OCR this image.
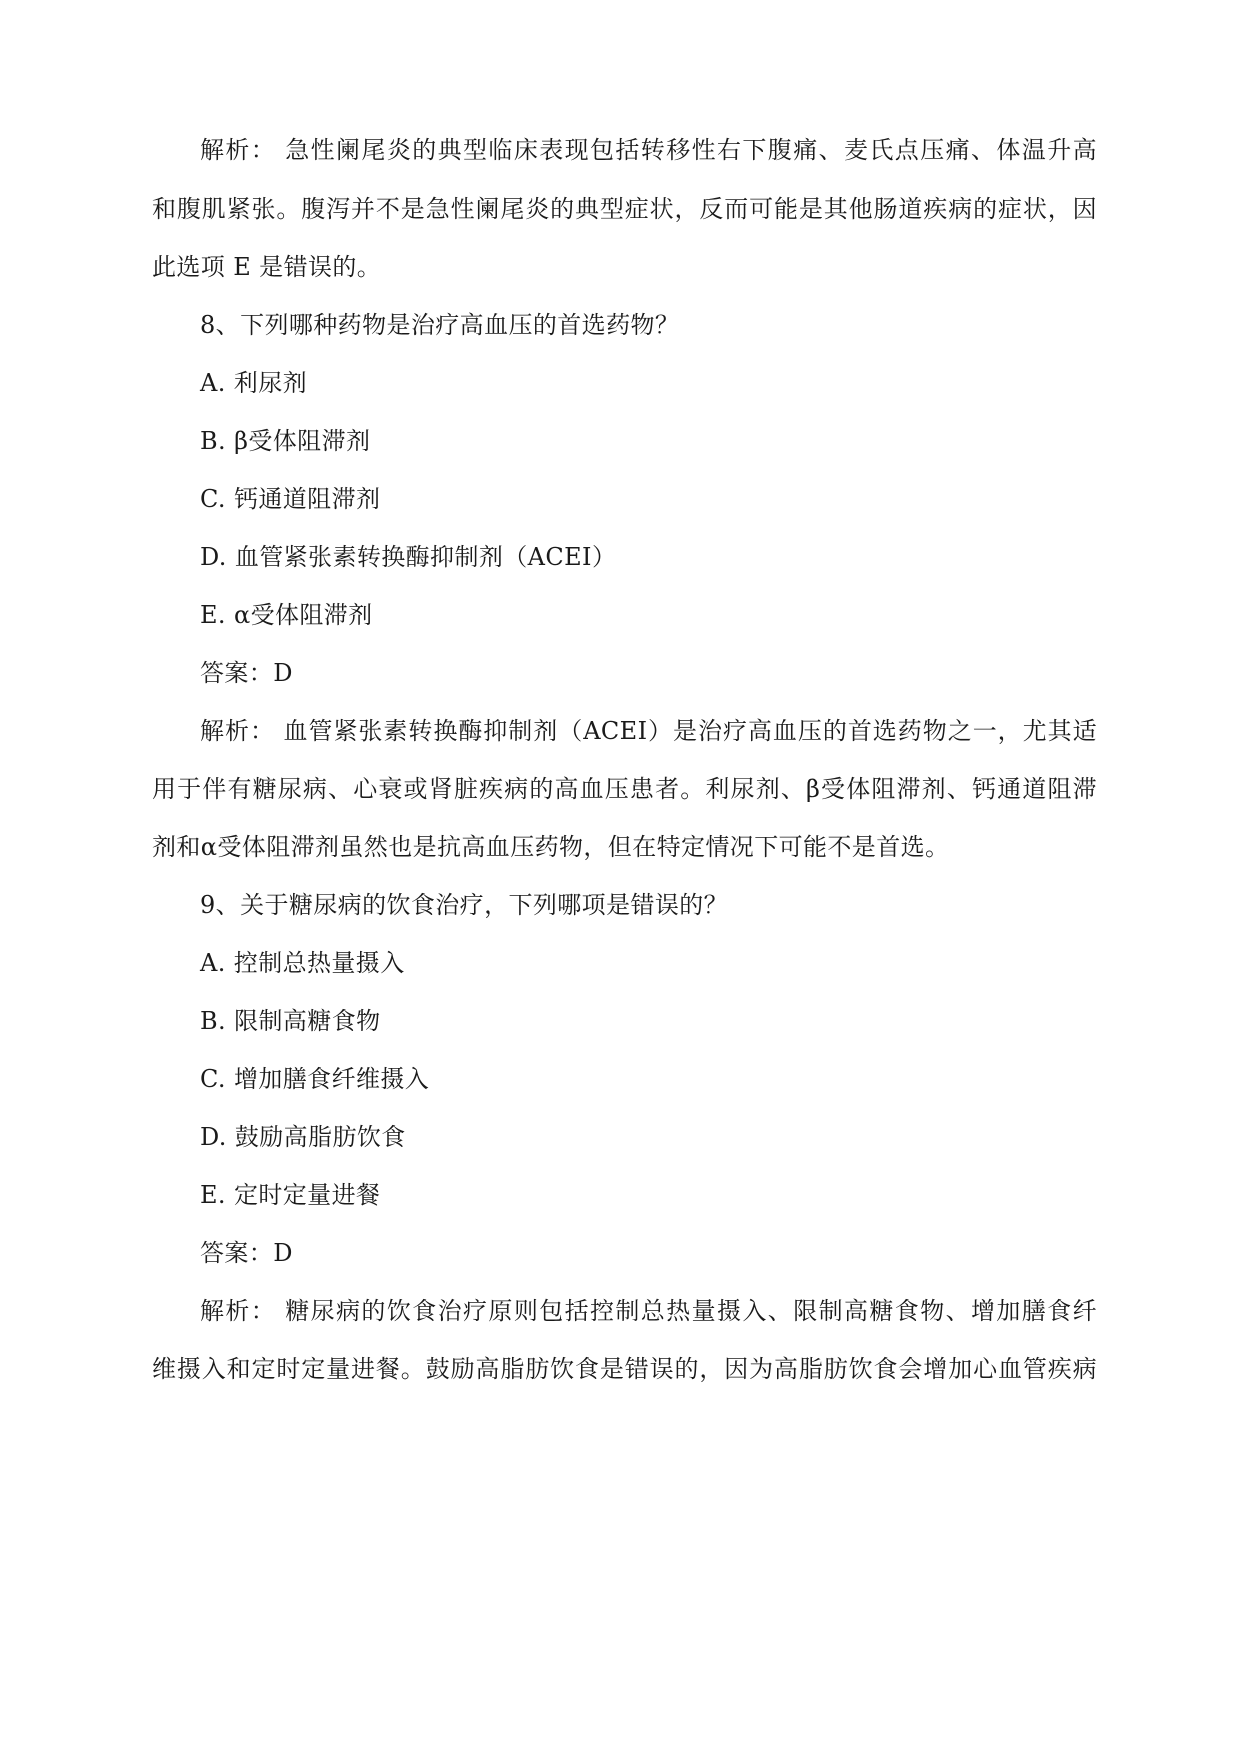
解析： 急性阑尾炎的典型临床表现包括转移性右下腹痛、麦氏点压痛、体温升高
和腹肌紧张。腹泻并不是急性阑尾炎的典型症状，反而可能是其他肠道疾病的症状，因
此选项 E 是错误的。
8、下列哪种药物是治疗高血压的首选药物？
A. 利尿剂
B. β受体阻滞剂
C. 钙通道阻滞剂
D. 血管紧张素转换酶抑制剂（ACEI）
E. α受体阻滞剂
答案：D
解析： 血管紧张素转换酶抑制剂（ACEI）是治疗高血压的首选药物之一，尤其适
用于伴有糖尿病、心衰或肾脏疾病的高血压患者。利尿剂、β受体阻滞剂、钙通道阻滞
剂和α受体阻滞剂虽然也是抗高血压药物，但在特定情况下可能不是首选。
9、关于糖尿病的饮食治疗，下列哪项是错误的？
A. 控制总热量摄入
B. 限制高糖食物
C. 增加膳食纤维摄入
D. 鼓励高脂肪饮食
E. 定时定量进餐
答案：D
解析： 糖尿病的饮食治疗原则包括控制总热量摄入、限制高糖食物、增加膳食纤
维摄入和定时定量进餐。鼓励高脂肪饮食是错误的，因为高脂肪饮食会增加心血管疾病
